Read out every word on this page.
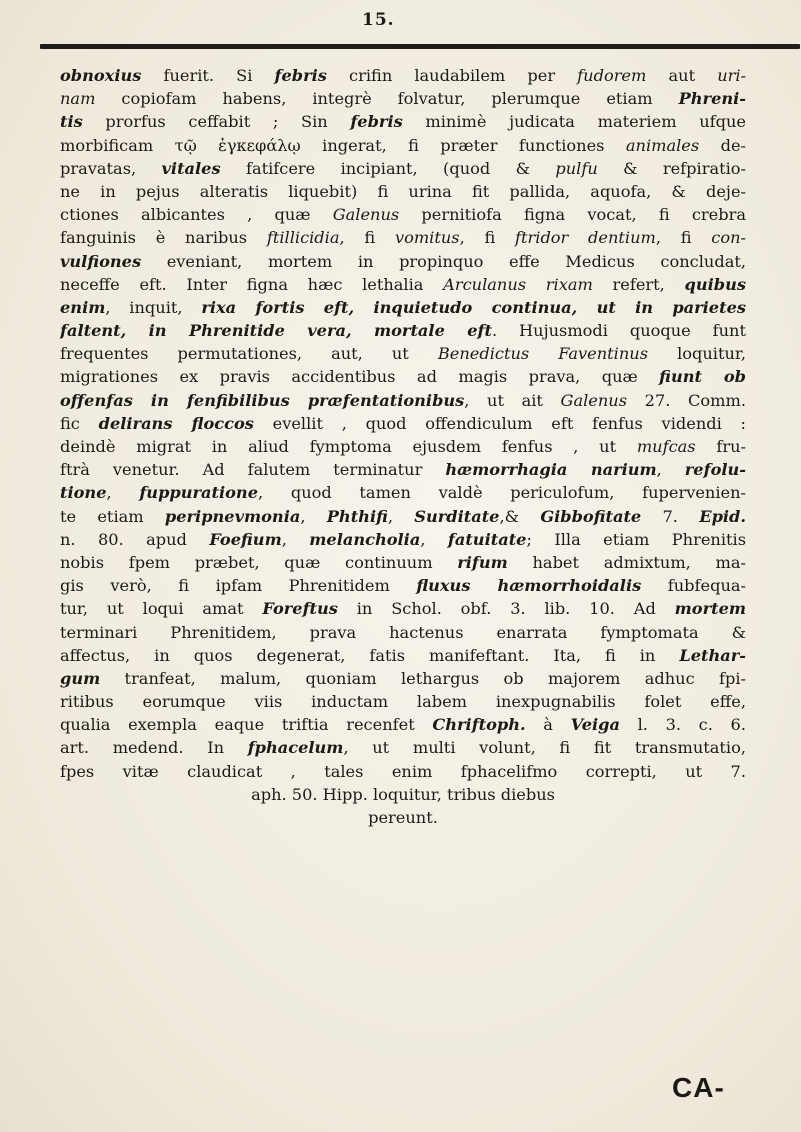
15.
obnoxius fuerit. Si febris crifin laudabilem per fudorem aut uri-
nam copiofam habens, integrè folvatur, plerumque etiam Phreni-
tis prorfus ceffabit ; Sin febris minimè judicata materiem ufque
morbificam τῷ ἐγκεφάλῳ ingerat, fi præter functiones animales de-
pravatas, vitales fatifcere incipiant, (quod & pulfu & refpiratio-
ne in pejus alteratis liquebit) fi urina fit pallida, aquofa, & deje-
ctiones albicantes , quæ Galenus pernitiofa figna vocat, fi crebra
fanguinis è naribus ftillicidia, fi vomitus, fi ftridor dentium, fi con-
vulfiones eveniant, mortem in propinquo effe Medicus concludat,
neceffe eft. Inter figna hæc lethalia Arculanus rixam refert, quibus
enim, inquit, rixa fortis eft, inquietudo continua, ut in parietes
faltent, in Phrenitide vera, mortale eft. Hujusmodi quoque funt
frequentes permutationes, aut, ut Benedictus Faventinus loquitur,
migrationes ex pravis accidentibus ad magis prava, quæ fiunt ob
offenfas in fenfibilibus præfentationibus, ut ait Galenus 27. Comm.
fic delirans floccos evellit , quod offendiculum eft fenfus videndi :
deindè migrat in aliud fymptoma ejusdem fenfus , ut mufcas fru-
ftrà venetur. Ad falutem terminatur hæmorrhagia narium, refolu-
tione, fuppuratione, quod tamen valdè periculofum, fupervenien-
te etiam peripnevmonia, Phthifi, Surditate,& Gibbofitate 7. Epid.
n. 80. apud Foefium, melancholia, fatuitate; Illa etiam Phrenitis
nobis fpem præbet, quæ continuum rifum habet admixtum, ma-
gis verò, fi ipfam Phrenitidem fluxus hæmorrhoidalis fubfequa-
tur, ut loqui amat Foreftus in Schol. obf. 3. lib. 10. Ad mortem
terminari Phrenitidem, prava hactenus enarrata fymptomata &
affectus, in quos degenerat, fatis manifeftant. Ita, fi in Lethar-
gum tranfeat, malum, quoniam lethargus ob majorem adhuc fpi-
ritibus eorumque viis inductam labem inexpugnabilis folet effe,
qualia exempla eaque triftia recenfet Chriftoph. à Veiga l. 3. c. 6.
art. medend. In fphacelum, ut multi volunt, fi fit transmutatio,
fpes vitæ claudicat , tales enim fphacelifmo correpti, ut 7.
aph. 50. Hipp. loquitur, tribus diebus
pereunt.
CA-
